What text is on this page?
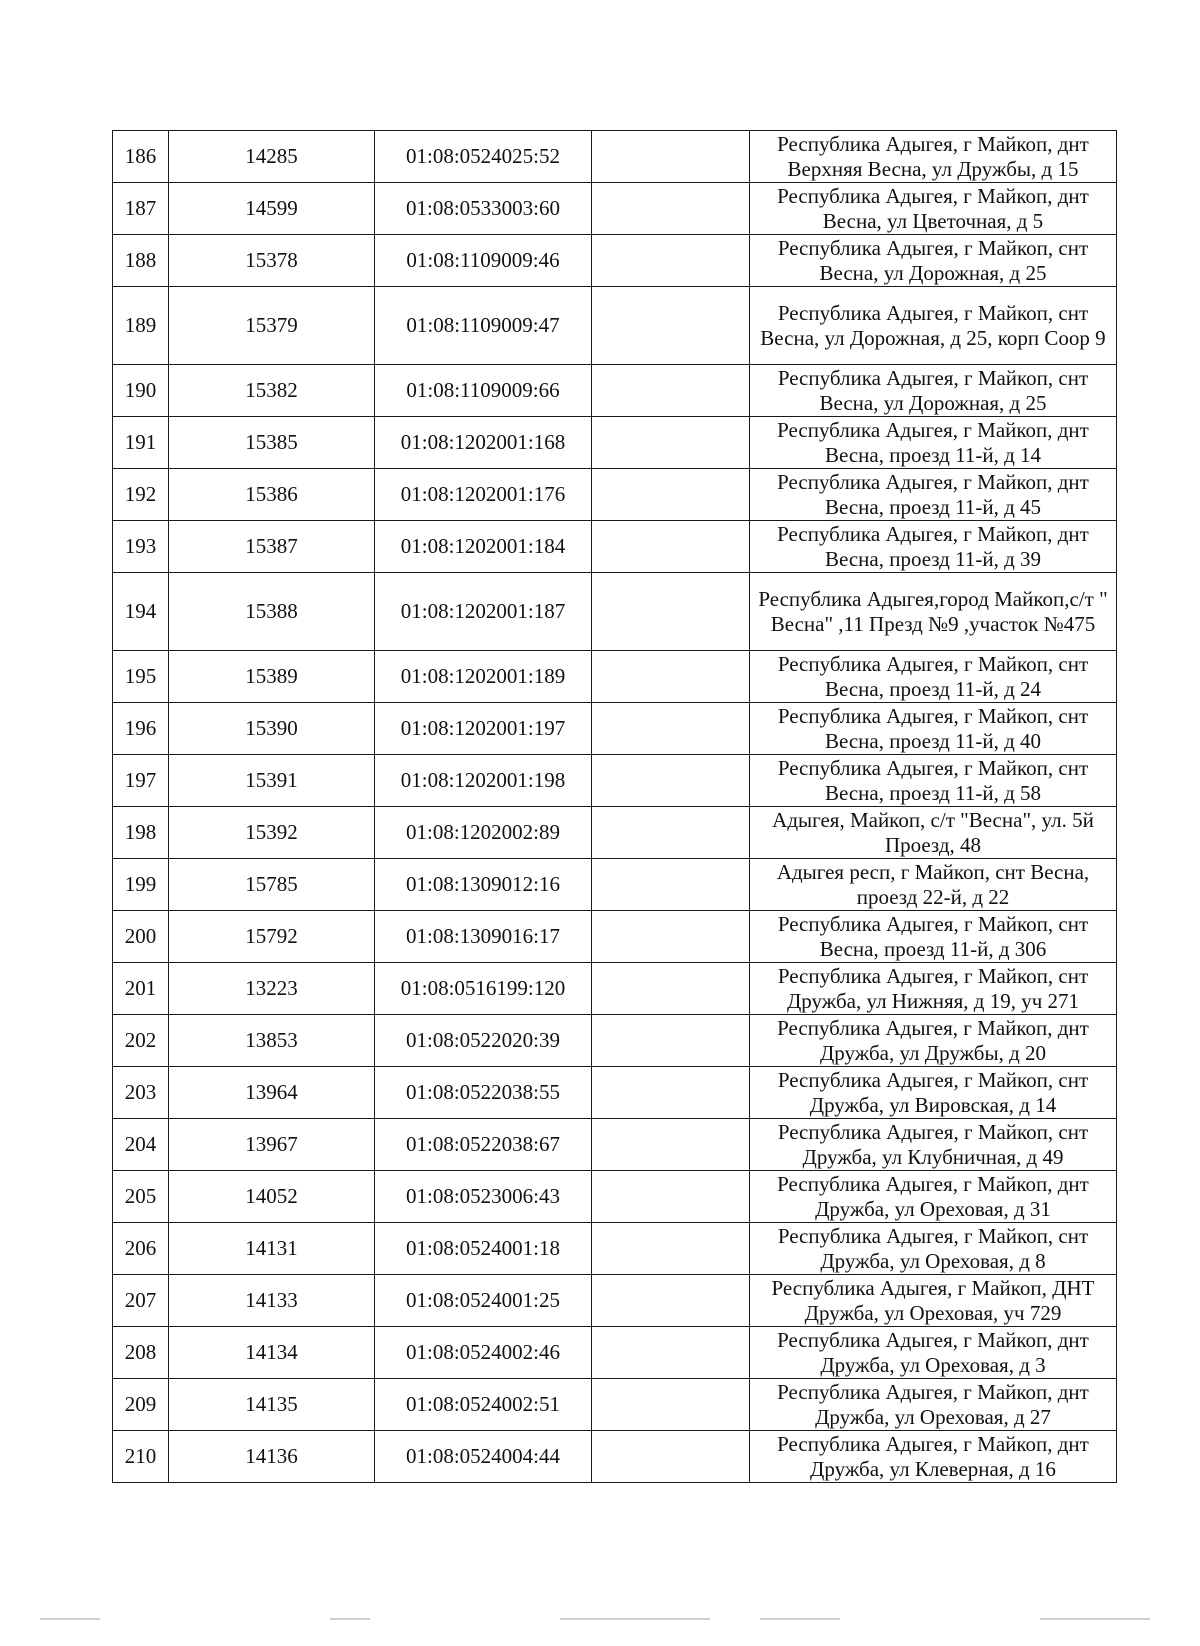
186	14285	01:08:0524025:52		Республика Адыгея, г Майкоп, днт Верхняя Весна, ул Дружбы, д 15
187	14599	01:08:0533003:60		Республика Адыгея, г Майкоп, днт Весна, ул Цветочная, д 5
188	15378	01:08:1109009:46		Республика Адыгея, г Майкоп, снт Весна, ул Дорожная, д 25
189	15379	01:08:1109009:47		Республика Адыгея, г Майкоп, снт Весна, ул Дорожная, д 25, корп Соор 9
190	15382	01:08:1109009:66		Республика Адыгея, г Майкоп, снт Весна, ул Дорожная, д 25
191	15385	01:08:1202001:168		Республика Адыгея, г Майкоп, днт Весна, проезд 11-й, д 14
192	15386	01:08:1202001:176		Республика Адыгея, г Майкоп, днт Весна, проезд 11-й, д 45
193	15387	01:08:1202001:184		Республика Адыгея, г Майкоп, днт Весна, проезд 11-й, д 39
194	15388	01:08:1202001:187		Республика Адыгея,город Майкоп,с/т " Весна" ,11 Презд №9 ,участок №475
195	15389	01:08:1202001:189		Республика Адыгея, г Майкоп, снт Весна, проезд 11-й, д 24
196	15390	01:08:1202001:197		Республика Адыгея, г Майкоп, снт Весна, проезд 11-й, д 40
197	15391	01:08:1202001:198		Республика Адыгея, г Майкоп, снт Весна, проезд 11-й, д 58
198	15392	01:08:1202002:89		Адыгея, Майкоп, с/т "Весна", ул. 5й Проезд, 48
199	15785	01:08:1309012:16		Адыгея респ, г Майкоп, снт Весна, проезд 22-й, д 22
200	15792	01:08:1309016:17		Республика Адыгея, г Майкоп, снт Весна, проезд 11-й, д 306
201	13223	01:08:0516199:120		Республика Адыгея, г Майкоп, снт Дружба, ул Нижняя, д 19, уч 271
202	13853	01:08:0522020:39		Республика Адыгея, г Майкоп, днт Дружба, ул Дружбы, д 20
203	13964	01:08:0522038:55		Республика Адыгея, г Майкоп, снт Дружба, ул Вировская, д 14
204	13967	01:08:0522038:67		Республика Адыгея, г Майкоп, снт Дружба, ул Клубничная, д 49
205	14052	01:08:0523006:43		Республика Адыгея, г Майкоп, днт Дружба, ул Ореховая, д 31
206	14131	01:08:0524001:18		Республика Адыгея, г Майкоп, снт Дружба, ул Ореховая, д 8
207	14133	01:08:0524001:25		Республика Адыгея, г Майкоп, ДНТ Дружба, ул Ореховая, уч 729
208	14134	01:08:0524002:46		Республика Адыгея, г Майкоп, днт Дружба, ул Ореховая, д 3
209	14135	01:08:0524002:51		Республика Адыгея, г Майкоп, днт Дружба, ул Ореховая, д 27
210	14136	01:08:0524004:44		Республика Адыгея, г Майкоп, днт Дружба, ул Клеверная, д 16
